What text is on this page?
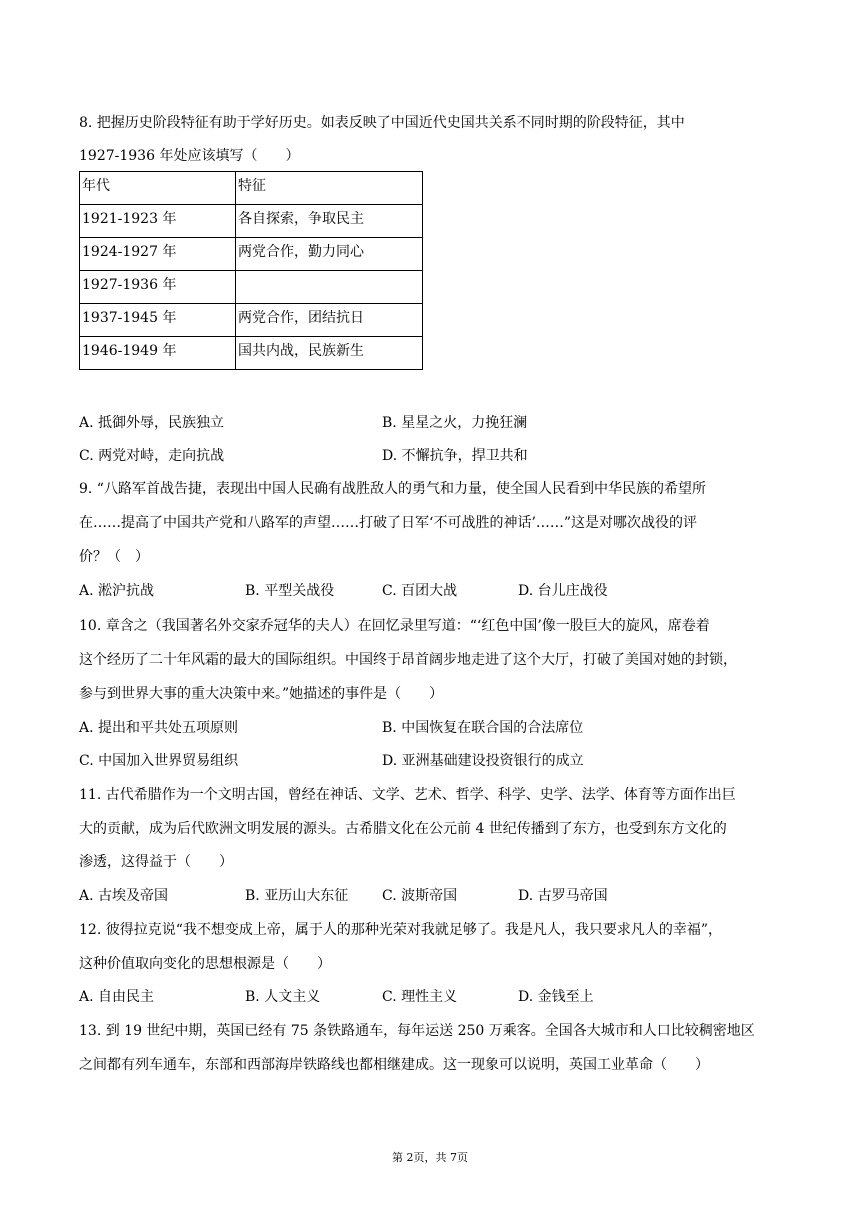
8. 把握历史阶段特征有助于学好历史。如表反映了中国近代史国共关系不同时期的阶段特征，其中
1927-1936 年处应该填写（　　）
年代	特征
1921-1923 年	各自探索，争取民主
1924-1927 年	两党合作，勤力同心
1927-1936 年	
1937-1945 年	两党合作，团结抗日
1946-1949 年	国共内战，民族新生
A. 抵御外辱，民族独立	B. 星星之火，力挽狂澜
C. 两党对峙，走向抗战	D. 不懈抗争，捍卫共和
9. “八路军首战告捷，表现出中国人民确有战胜敌人的勇气和力量，使全国人民看到中华民族的希望所
在……提高了中国共产党和八路军的声望……打破了日军‘不可战胜的神话’……”这是对哪次战役的评
价？（　）
A. 淞沪抗战	B. 平型关战役	C. 百团大战	D. 台儿庄战役
10. 章含之（我国著名外交家乔冠华的夫人）在回忆录里写道：“‘红色中国’像一股巨大的旋风，席卷着
这个经历了二十年风霜的最大的国际组织。中国终于昂首阔步地走进了这个大厅，打破了美国对她的封锁，
参与到世界大事的重大决策中来。”她描述的事件是（　　）
A. 提出和平共处五项原则	B. 中国恢复在联合国的合法席位
C. 中国加入世界贸易组织	D. 亚洲基础建设投资银行的成立
11. 古代希腊作为一个文明古国，曾经在神话、文学、艺术、哲学、科学、史学、法学、体育等方面作出巨
大的贡献，成为后代欧洲文明发展的源头。古希腊文化在公元前 4 世纪传播到了东方，也受到东方文化的
渗透，这得益于（　　）
A. 古埃及帝国	B. 亚历山大东征 C. 波斯帝国	D. 古罗马帝国
12. 彼得拉克说“我不想变成上帝，属于人的那种光荣对我就足够了。我是凡人，我只要求凡人的幸福”，
这种价值取向变化的思想根源是（　　）
A. 自由民主	B. 人文主义	C. 理性主义	D. 金钱至上
13. 到 19 世纪中期，英国已经有 75 条铁路通车，每年运送 250 万乘客。全国各大城市和人口比较稠密地区
之间都有列车通车，东部和西部海岸铁路线也都相继建成。这一现象可以说明，英国工业革命（　　）
第 2页，共 7页
